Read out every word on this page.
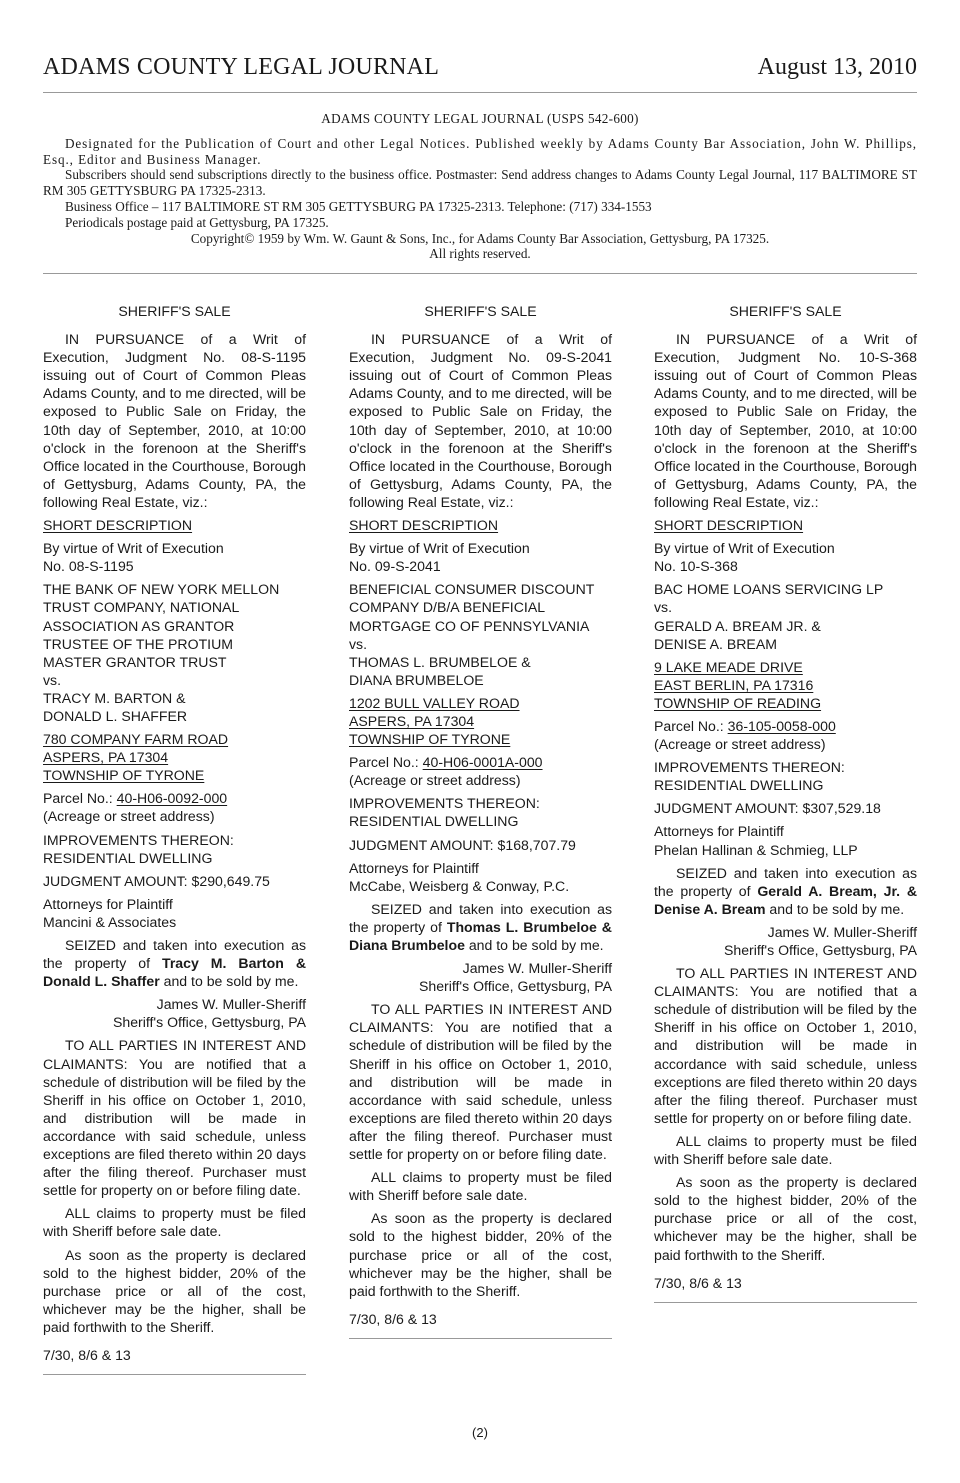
ADAMS COUNTY LEGAL JOURNAL	August 13, 2010
ADAMS COUNTY LEGAL JOURNAL (USPS 542-600)
Designated for the Publication of Court and other Legal Notices. Published weekly by Adams County Bar Association, John W. Phillips, Esq., Editor and Business Manager.
Subscribers should send subscriptions directly to the business office. Postmaster: Send address changes to Adams County Legal Journal, 117 BALTIMORE ST RM 305 GETTYSBURG PA 17325-2313.
Business Office – 117 BALTIMORE ST RM 305 GETTYSBURG PA 17325-2313. Telephone: (717) 334-1553
Periodicals postage paid at Gettysburg, PA 17325.
Copyright© 1959 by Wm. W. Gaunt & Sons, Inc., for Adams County Bar Association, Gettysburg, PA 17325.
All rights reserved.

SHERIFF'S SALE

IN PURSUANCE of a Writ of Execution, Judgment No. 08-S-1195 issuing out of Court of Common Pleas Adams County, and to me directed, will be exposed to Public Sale on Friday, the 10th day of September, 2010, at 10:00 o'clock in the forenoon at the Sheriff's Office located in the Courthouse, Borough of Gettysburg, Adams County, PA, the following Real Estate, viz.:

SHORT DESCRIPTION

By virtue of Writ of Execution
No. 08-S-1195

THE BANK OF NEW YORK MELLON
TRUST COMPANY, NATIONAL
ASSOCIATION AS GRANTOR
TRUSTEE OF THE PROTIUM
MASTER GRANTOR TRUST
vs.
TRACY M. BARTON &
DONALD L. SHAFFER

780 COMPANY FARM ROAD
ASPERS, PA 17304
TOWNSHIP OF TYRONE

Parcel No.: 40-H06-0092-000
(Acreage or street address)

IMPROVEMENTS THEREON:
RESIDENTIAL DWELLING

JUDGMENT AMOUNT: $290,649.75

Attorneys for Plaintiff
Mancini & Associates

SEIZED and taken into execution as the property of Tracy M. Barton & Donald L. Shaffer and to be sold by me.

James W. Muller-Sheriff
Sheriff's Office, Gettysburg, PA

TO ALL PARTIES IN INTEREST AND CLAIMANTS: You are notified that a schedule of distribution will be filed by the Sheriff in his office on October 1, 2010, and distribution will be made in accordance with said schedule, unless exceptions are filed thereto within 20 days after the filing thereof. Purchaser must settle for property on or before filing date.

ALL claims to property must be filed with Sheriff before sale date.

As soon as the property is declared sold to the highest bidder, 20% of the purchase price or all of the cost, whichever may be the higher, shall be paid forthwith to the Sheriff.

7/30, 8/6 & 13

SHERIFF'S SALE

IN PURSUANCE of a Writ of Execution, Judgment No. 09-S-2041 issuing out of Court of Common Pleas Adams County, and to me directed, will be exposed to Public Sale on Friday, the 10th day of September, 2010, at 10:00 o'clock in the forenoon at the Sheriff's Office located in the Courthouse, Borough of Gettysburg, Adams County, PA, the following Real Estate, viz.:

SHORT DESCRIPTION

By virtue of Writ of Execution
No. 09-S-2041

BENEFICIAL CONSUMER DISCOUNT
COMPANY D/B/A BENEFICIAL
MORTGAGE CO OF PENNSYLVANIA
vs.
THOMAS L. BRUMBELOE &
DIANA BRUMBELOE

1202 BULL VALLEY ROAD
ASPERS, PA 17304
TOWNSHIP OF TYRONE

Parcel No.: 40-H06-0001A-000
(Acreage or street address)

IMPROVEMENTS THEREON:
RESIDENTIAL DWELLING

JUDGMENT AMOUNT: $168,707.79

Attorneys for Plaintiff
McCabe, Weisberg & Conway, P.C.

SEIZED and taken into execution as the property of Thomas L. Brumbeloe & Diana Brumbeloe and to be sold by me.

James W. Muller-Sheriff
Sheriff's Office, Gettysburg, PA

TO ALL PARTIES IN INTEREST AND CLAIMANTS: You are notified that a schedule of distribution will be filed by the Sheriff in his office on October 1, 2010, and distribution will be made in accordance with said schedule, unless exceptions are filed thereto within 20 days after the filing thereof. Purchaser must settle for property on or before filing date.

ALL claims to property must be filed with Sheriff before sale date.

As soon as the property is declared sold to the highest bidder, 20% of the purchase price or all of the cost, whichever may be the higher, shall be paid forthwith to the Sheriff.

7/30, 8/6 & 13

SHERIFF'S SALE

IN PURSUANCE of a Writ of Execution, Judgment No. 10-S-368 issuing out of Court of Common Pleas Adams County, and to me directed, will be exposed to Public Sale on Friday, the 10th day of September, 2010, at 10:00 o'clock in the forenoon at the Sheriff's Office located in the Courthouse, Borough of Gettysburg, Adams County, PA, the following Real Estate, viz.:

SHORT DESCRIPTION

By virtue of Writ of Execution
No. 10-S-368

BAC HOME LOANS SERVICING LP
vs.
GERALD A. BREAM JR. &
DENISE A. BREAM

9 LAKE MEADE DRIVE
EAST BERLIN, PA 17316
TOWNSHIP OF READING

Parcel No.: 36-105-0058-000
(Acreage or street address)

IMPROVEMENTS THEREON:
RESIDENTIAL DWELLING

JUDGMENT AMOUNT: $307,529.18

Attorneys for Plaintiff
Phelan Hallinan & Schmieg, LLP

SEIZED and taken into execution as the property of Gerald A. Bream, Jr. & Denise A. Bream and to be sold by me.

James W. Muller-Sheriff
Sheriff's Office, Gettysburg, PA

TO ALL PARTIES IN INTEREST AND CLAIMANTS: You are notified that a schedule of distribution will be filed by the Sheriff in his office on October 1, 2010, and distribution will be made in accordance with said schedule, unless exceptions are filed thereto within 20 days after the filing thereof. Purchaser must settle for property on or before filing date.

ALL claims to property must be filed with Sheriff before sale date.

As soon as the property is declared sold to the highest bidder, 20% of the purchase price or all of the cost, whichever may be the higher, shall be paid forthwith to the Sheriff.

7/30, 8/6 & 13

(2)
